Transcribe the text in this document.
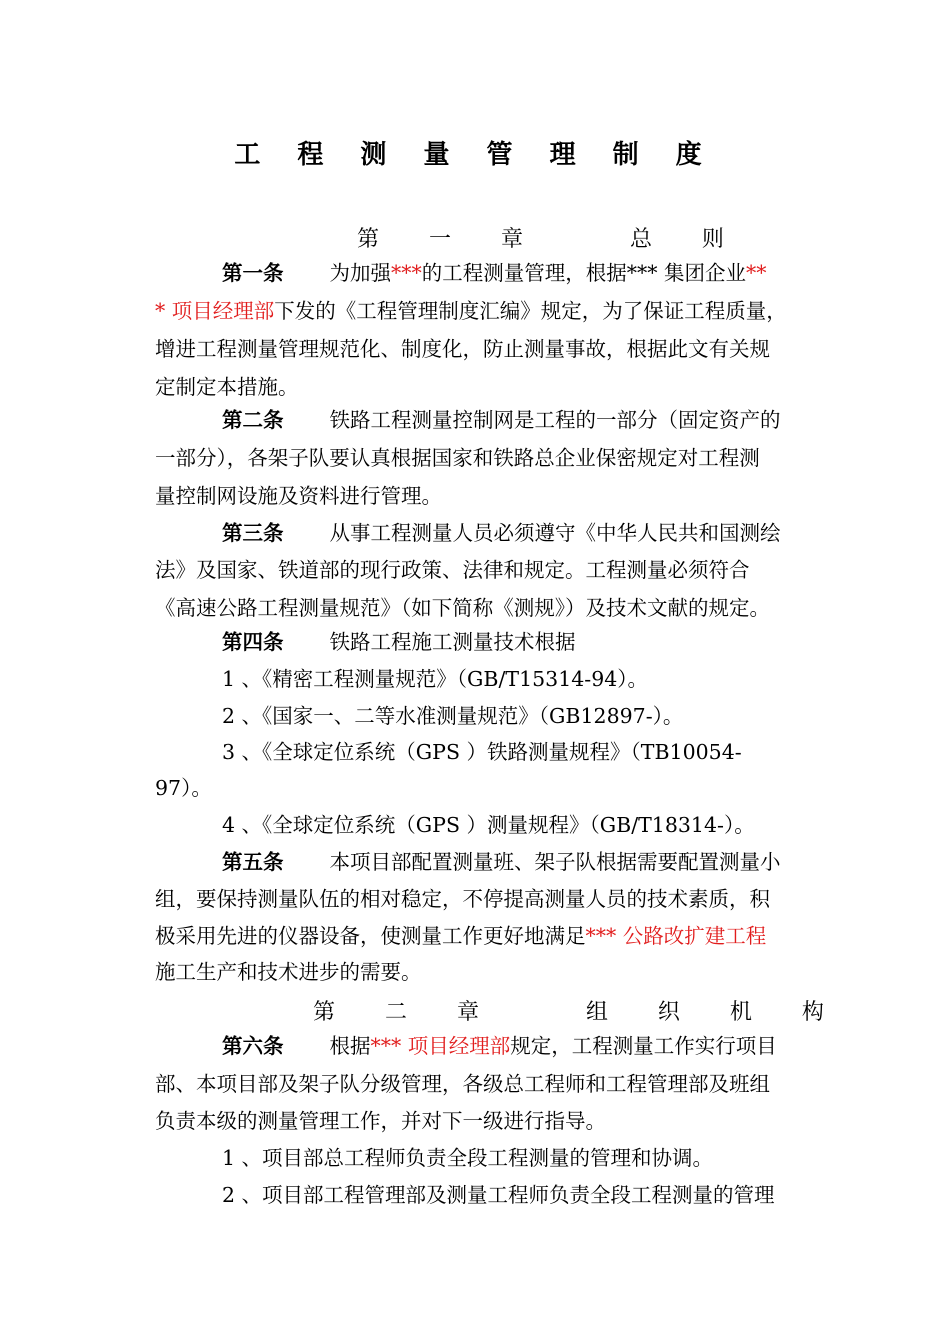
工 程 测 量 管 理 制 度
第  一  章     总  则
第一条 为加强***的工程测量管理，根据*** 集团企业**
* 项目经理部下发的《工程管理制度汇编》规定，为了保证工程质量，
增进工程测量管理规范化、制度化，防止测量事故，根据此文有关规
定制定本措施。
第二条 铁路工程测量控制网是工程的一部分（固定资产的
一部分），各架子队要认真根据国家和铁路总企业保密规定对工程测
量控制网设施及资料进行管理。
第三条 从事工程测量人员必须遵守《中华人民共和国测绘
法》及国家、铁道部的现行政策、法律和规定。工程测量必须符合
《高速公路工程测量规范》（如下简称《测规》）及技术文献的规定。
第四条 铁路工程施工测量技术根据
1 、《精密工程测量规范》（GB/T15314-94）。
2 、《国家一、二等水准测量规范》（GB12897-）。
3 、《全球定位系统（GPS ）铁路测量规程》（TB10054-
97）。
4 、《全球定位系统（GPS ）测量规程》（GB/T18314-）。
第五条 本项目部配置测量班、架子队根据需要配置测量小
组，要保持测量队伍的相对稳定，不停提高测量人员的技术素质，积
极采用先进的仪器设备，使测量工作更好地满足*** 公路改扩建工程
施工生产和技术进步的需要。
第  二  章     组  织  机  构
第六条 根据*** 项目经理部规定，工程测量工作实行项目
部、本项目部及架子队分级管理，各级总工程师和工程管理部及班组
负责本级的测量管理工作，并对下一级进行指导。
1 、项目部总工程师负责全段工程测量的管理和协调。
2 、项目部工程管理部及测量工程师负责全段工程测量的管理
